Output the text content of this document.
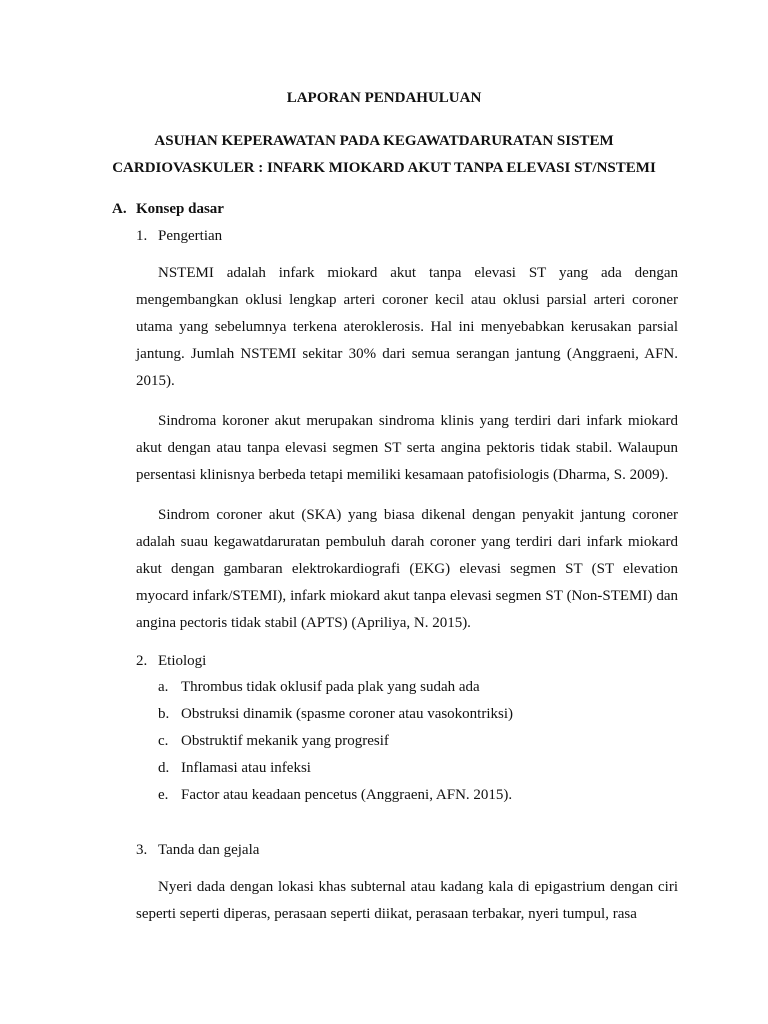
LAPORAN PENDAHULUAN

ASUHAN KEPERAWATAN PADA KEGAWATDARURATAN SISTEM
CARDIOVASKULER : INFARK MIOKARD AKUT TANPA ELEVASI ST/NSTEMI

A. Konsep dasar

1. Pengertian

NSTEMI adalah infark miokard akut tanpa elevasi ST yang ada dengan mengembangkan oklusi lengkap arteri coroner kecil atau oklusi parsial arteri coroner utama yang sebelumnya terkena ateroklerosis. Hal ini menyebabkan kerusakan parsial jantung. Jumlah NSTEMI sekitar 30% dari semua serangan jantung (Anggraeni, AFN. 2015).

Sindroma koroner akut merupakan sindroma klinis yang terdiri dari infark miokard akut dengan atau tanpa elevasi segmen ST serta angina pektoris tidak stabil. Walaupun persentasi klinisnya berbeda tetapi memiliki kesamaan patofisiologis (Dharma, S. 2009).

Sindrom coroner akut (SKA) yang biasa dikenal dengan penyakit jantung coroner adalah suau kegawatdaruratan pembuluh darah coroner yang terdiri dari infark miokard akut dengan gambaran elektrokardiografi (EKG) elevasi segmen ST (ST elevation myocard infark/STEMI), infark miokard akut tanpa elevasi segmen ST (Non-STEMI) dan angina pectoris tidak stabil (APTS) (Apriliya, N. 2015).

2. Etiologi

a. Thrombus tidak oklusif pada plak yang sudah ada
b. Obstruksi dinamik (spasme coroner atau vasokontriksi)
c. Obstruktif mekanik yang progresif
d. Inflamasi atau infeksi
e. Factor atau keadaan pencetus (Anggraeni, AFN. 2015).

3. Tanda dan gejala

Nyeri dada dengan lokasi khas subternal atau kadang kala di epigastrium dengan ciri seperti seperti diperas, perasaan seperti diikat, perasaan terbakar, nyeri tumpul, rasa
